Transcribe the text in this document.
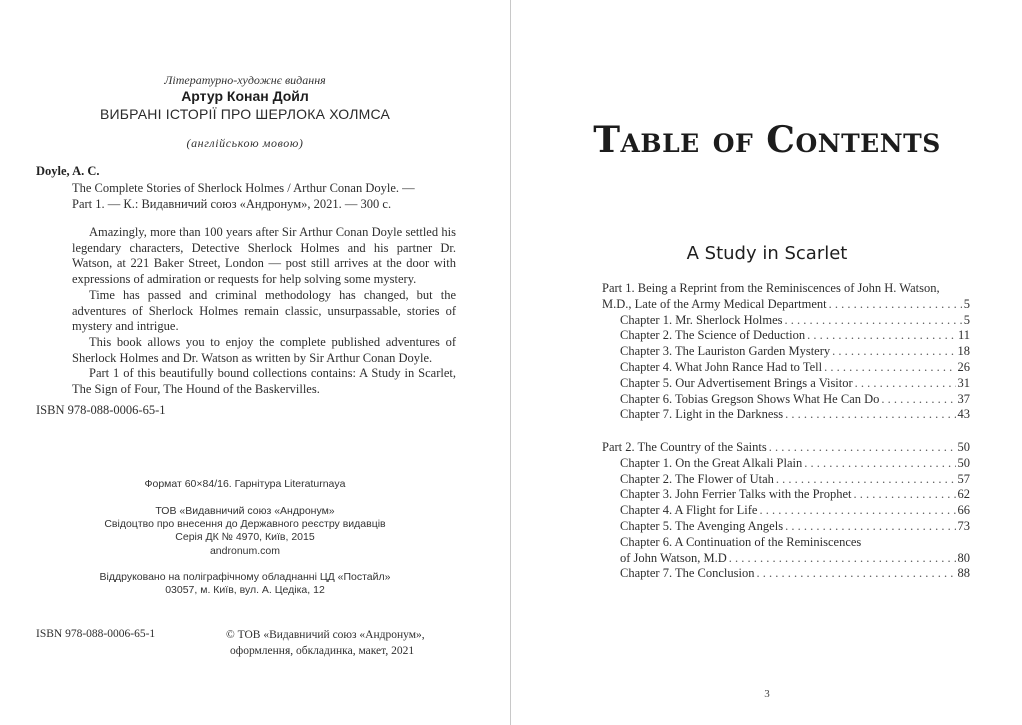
Літературно-художнє видання
Артур Конан Дойл
ВИБРАНІ ІСТОРІЇ ПРО ШЕРЛОКА ХОЛМСА
(англійською мовою)
Doyle, A. C.
The Complete Stories of Sherlock Holmes / Arthur Conan Doyle. —
Part 1. — К.: Видавничий союз «Андронум», 2021. — 300 с.

Amazingly, more than 100 years after Sir Arthur Conan Doyle settled his legendary characters, Detective Sherlock Holmes and his partner Dr. Watson, at 221 Baker Street, London — post still arrives at the door with expressions of admiration or requests for help solving some mystery.

Time has passed and criminal methodology has changed, but the adventures of Sherlock Holmes remain classic, unsurpassable, stories of mystery and intrigue.

This book allows you to enjoy the complete published adventures of Sherlock Holmes and Dr. Watson as written by Sir Arthur Conan Doyle.

Part 1 of this beautifully bound collections contains: A Study in Scarlet, The Sign of Four, The Hound of the Baskervilles.

ISBN 978-088-0006-65-1
Формат 60×84/16. Гарнітура Literaturnaya
ТОВ «Видавничий союз «Андронум»
Свідоцтво про внесення до Державного реєстру видавців
Серія ДК № 4970, Київ, 2015
andronum.com
Віддруковано на поліграфічному обладнанні ЦД «Постайл»
03057, м. Київ, вул. А. Цедіка, 12
ISBN 978-088-0006-65-1	© ТОВ «Видавничий союз «Андронум»,
оформлення, обкладинка, макет, 2021
Table of Contents
A Study in Scarlet
Part 1. Being a Reprint from the Reminiscences of John H. Watson,
M.D., Late of the Army Medical Department . . .	5
Chapter 1. Mr. Sherlock Holmes . . .	5
Chapter 2. The Science of Deduction . . .	11
Chapter 3. The Lauriston Garden Mystery . . .	18
Chapter 4. What John Rance Had to Tell . . .	26
Chapter 5. Our Advertisement Brings a Visitor . . .	31
Chapter 6. Tobias Gregson Shows What He Can Do . . .	37
Chapter 7. Light in the Darkness . . .	43
Part 2. The Country of the Saints . . .	50
Chapter 1. On the Great Alkali Plain . . .	50
Chapter 2. The Flower of Utah . . .	57
Chapter 3. John Ferrier Talks with the Prophet . . .	62
Chapter 4. A Flight for Life . . .	66
Chapter 5. The Avenging Angels . . .	73
Chapter 6. A Continuation of the Reminiscences
of John Watson, M.D . . .	80
Chapter 7. The Conclusion . . .	88
3
